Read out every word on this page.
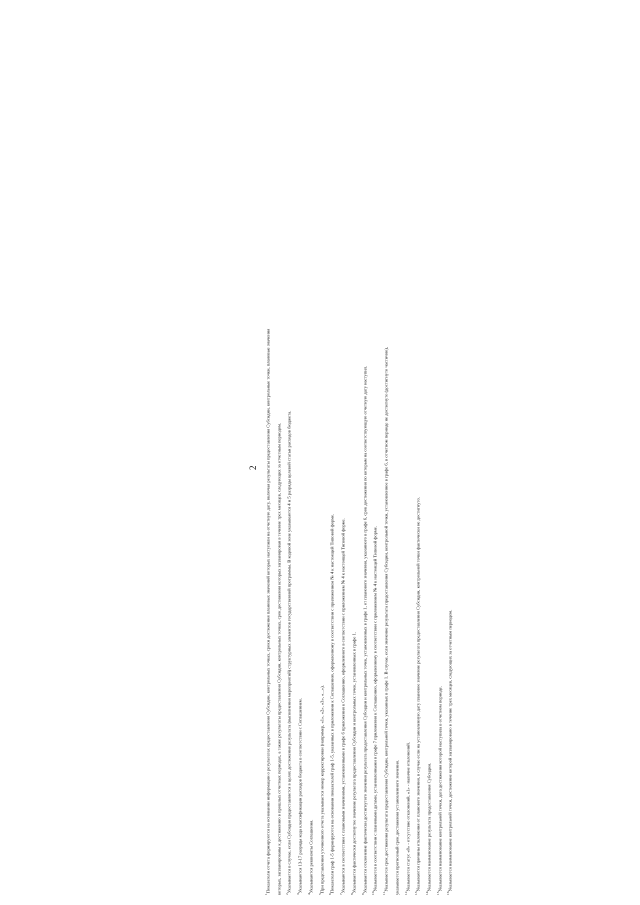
2
$^1$Показатели отчета формируются на основании информации о результатах предоставления Субсидии, контрольных точках, сроки достижения плановых значений которых наступили на отчетную дату, включая результаты предоставления Субсидии, контрольные точки, плановые значения	которых, запланированы к достижению в прошлых отчетных периодах, а также результаты предоставления Субсидии, контрольных точках, срок достижения которых запланирован в течение трех месяцев, следующих за отчетным периодом.	$^2$Указывается в случае, если Субсидия предоставляется в целях достижения результата (выполнения мероприятий) структурных элементов государственной программы. В кодовой зоне указываются 4 и 5 разряды целевой статьи расходов бюджета.
$^3$Указываются 13-17 разряды кода классификации расходов бюджета в соответствии с Соглашением.
$^4$Указываются реквизиты Соглашения.
$^5$При представлении уточненного отчета указывается номер корректировки (например, «1», «2», «3», «...»).
$^6$Показатели граф 1-5 формируются на основании показателей граф 1-5, указанных в приложении к Соглашению, оформленному в соответствии с приложением № 4 к настоящей Типовой форме.
$^7$Указываются в соответствии с плановыми значениями, установленными в графе 6 приложения к Соглашению, оформленного в соответствии с приложением № 4 к настоящей Типовой форме.
$^8$Указывается фактически достигнутое значение результата предоставления Субсидии и контрольных точек, установленных в графе 1.
$^9$Указывается отклонение фактически достигнутого значения результата предоставления Субсидии и контрольных точек, установленных в графе 1, от планового значения, указанного в графе 6, срок достижения по которым на соответствующую отчетную дату наступил.
$^{10}$Указывается в соответствии с плановыми датами, установленными в графе 7 приложения к Соглашению, оформленному в соответствии с приложением № 4 к настоящей Типовой форме.
$^{11}$Указывается срок достижения результата предоставления Субсидии, контрольной точки, указанных в графе 1. В случае, если значение результата предоставления Субсидии, контрольной точки, установленное в графе 6, в отчетном периоде не достигнуто (достигнуто частично),	указывается прогнозный срок достижения установленного значения.	$^{12}$Указывается статус «0» - отсутствие отклонений, «1» - наличие отклонений.
$^{13}$Указываются причины отклонения от планового значения, в случае если на установленную дату плановое значение результата предоставления Субсидии, контрольной точки фактически не достигнуто.
$^{14}$Указывается наименование результата предоставления Субсидии.
$^{15}$Указывается наименование контрольной точки, дата достижения которой наступила в отчетном периоде.
$^{16}$Указывается наименование контрольной точки, достижение которой запланировано в течение трех месяцев, следующих за отчетным периодом.
